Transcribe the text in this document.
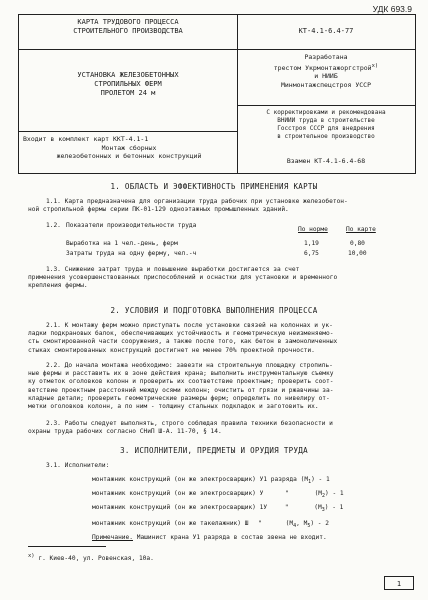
УДК 693.9
КАРТА ТРУДОВОГО ПРОЦЕССА
СТРОИТЕЛЬНОГО ПРОИЗВОДСТВА
УСТАНОВКА ЖЕЛЕЗОБЕТОННЫХ
СТРОПИЛЬНЫХ ФЕРМ
ПРОЛЕТОМ 24 м
Входит в комплект карт ККТ-4.1-1
Монтаж сборных
железобетонных и бетонных конструкций
КТ-4.1-6.4-77
Разработана
трестом Укрмонтажоргстрой$^{х)}$
и НИИБ
Минмонтажспецстроя УССР
С корректировками и рекомендована
ВНИИИ труда в строительстве
Госстроя СССР для внедрения
в строительное производство
Взамен КТ-4.1-6.4-68
1. ОБЛАСТЬ И ЭФФЕКТИВНОСТЬ ПРИМЕНЕНИЯ КАРТЫ
1.1. Карта предназначена для организации труда рабочих при установке железобетон-
ной стропильной фермы серии ПК-01-129 одноэтажных промышленных зданий.
1.2. Показатели производительности труда
По норме	По карте
Выработка на 1 чел.-день, ферм	1,19	0,80
Затраты труда на одну ферму, чел.-ч	6,75	10,00
1.3. Снижение затрат труда и повышение выработки достигается за счет
применения усовершенствованных приспособлений и оснастки для установки и временного
крепления фермы.
2. УСЛОВИЯ И ПОДГОТОВКА ВЫПОЛНЕНИЯ ПРОЦЕССА
2.1. К монтажу ферм можно приступать после установки связей на колоннах и ук-
ладки подкрановых балок, обеспечивающих устойчивость и геометрическую неизменяемо-
сть смонтированной части сооружения, а также после того, как бетон в замоноличенных
стыках смонтированных конструкций достигнет не менее 70% проектной прочности.
2.2. До начала монтажа необходимо: завезти на строительную площадку стропиль-
ные фермы и расставить их в зоне действия крана; выполнить инструментальную съемку
кy отметок оголовков колонн и проверить их соответствие проектным; проверить соот-
ветствие проектным расстояний между осями колонн; очистить от грязи и ржавчины за-
кладные детали; проверить геометрические размеры ферм; определить по нивелиру от-
метки оголовков колонн, а по ним - толщину стальных подкладок и заготовить их.
2.3. Работы следует выполнять, строго соблюдая правила техники безопасности и
охраны труда рабочих согласно СНиП Ш-А. 11-70, § 14.
3. ИСПОЛНИТЕЛИ, ПРЕДМЕТЫ И ОРУДИЯ ТРУДА
3.1. Исполнители:
монтажник конструкций (он же электросварщик) У1 разряда $(М_1) - 1$
монтажник конструкций (он же электросварщик) У	"	$(М_2) - 1$
монтажник конструкций (он же электросварщик) 1У	"	$(М_3) - 1$
монтажник конструкций (он же такелажник) Ш "	($М_4$, $М_5) - 2$
Примечание. Машинист крана У1 разряда в состав звена не входит.
$^{х)}$ г. Киев-40, ул. Ровенская, 10а.
1
